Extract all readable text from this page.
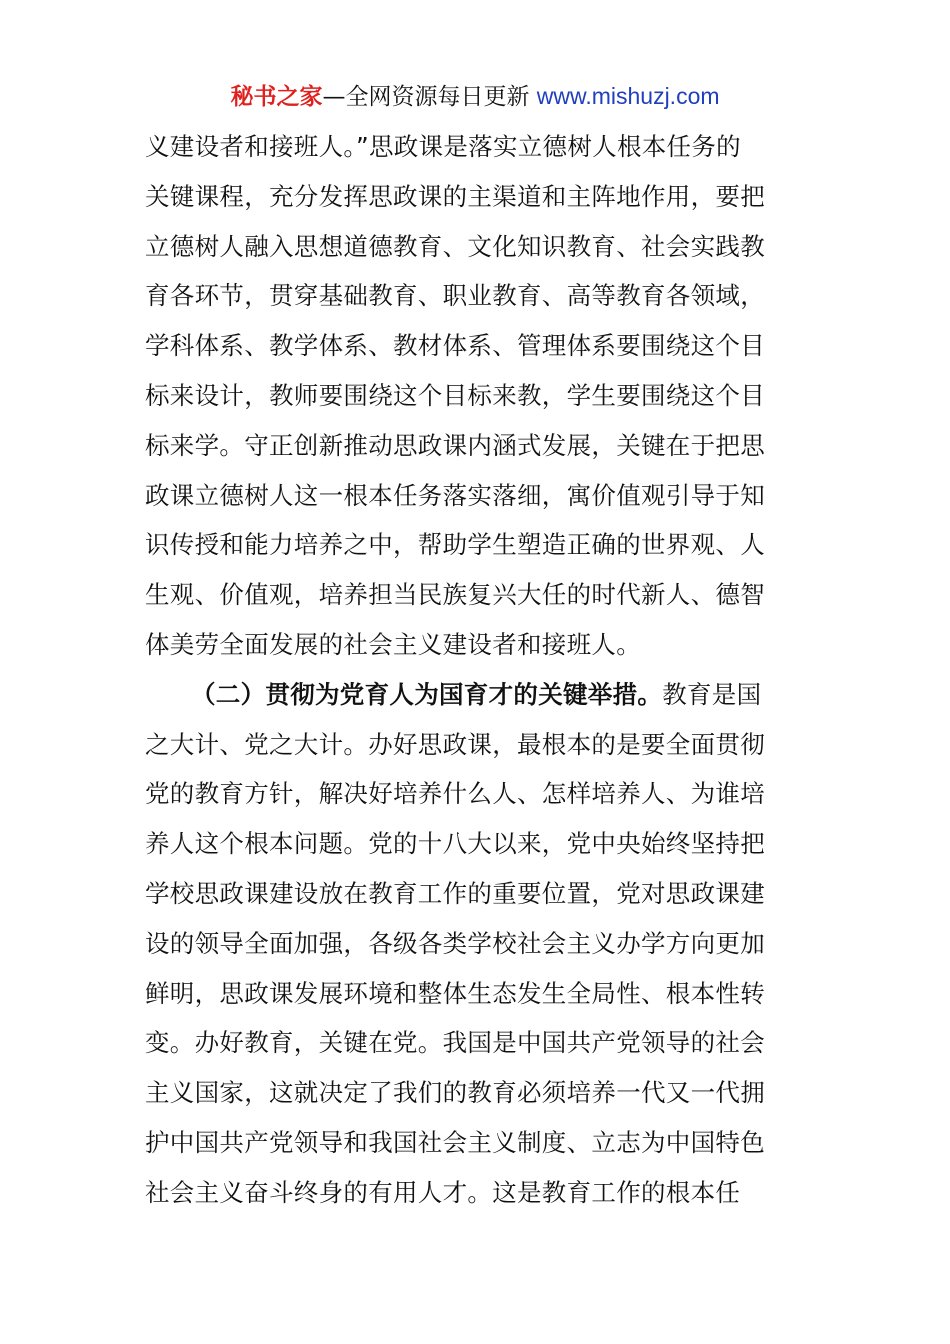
秘书之家—全网资源每日更新 www.mishuzj.com
义建设者和接班人。”思政课是落实立德树人根本任务的
关键课程，充分发挥思政课的主渠道和主阵地作用，要把
立德树人融入思想道德教育、文化知识教育、社会实践教
育各环节，贯穿基础教育、职业教育、高等教育各领域，
学科体系、教学体系、教材体系、管理体系要围绕这个目
标来设计，教师要围绕这个目标来教，学生要围绕这个目
标来学。守正创新推动思政课内涵式发展，关键在于把思
政课立德树人这一根本任务落实落细，寓价值观引导于知
识传授和能力培养之中，帮助学生塑造正确的世界观、人
生观、价值观，培养担当民族复兴大任的时代新人、德智
体美劳全面发展的社会主义建设者和接班人。
（二）贯彻为党育人为国育才的关键举措。教育是国
之大计、党之大计。办好思政课，最根本的是要全面贯彻
党的教育方针，解决好培养什么人、怎样培养人、为谁培
养人这个根本问题。党的十八大以来，党中央始终坚持把
学校思政课建设放在教育工作的重要位置，党对思政课建
设的领导全面加强，各级各类学校社会主义办学方向更加
鲜明，思政课发展环境和整体生态发生全局性、根本性转
变。办好教育，关键在党。我国是中国共产党领导的社会
主义国家，这就决定了我们的教育必须培养一代又一代拥
护中国共产党领导和我国社会主义制度、立志为中国特色
社会主义奋斗终身的有用人才。这是教育工作的根本任
